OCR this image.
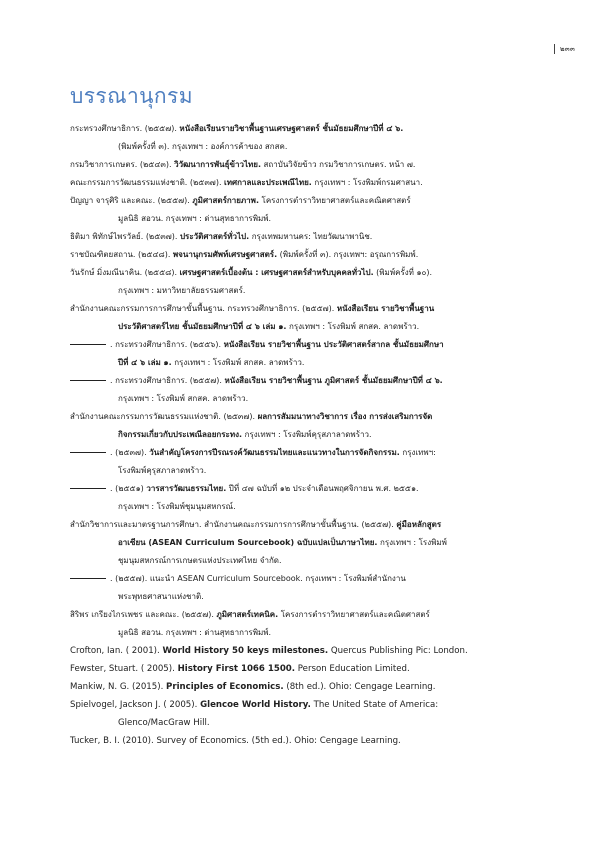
๒๓๓
บรรณานุกรม
กระทรวงศึกษาธิการ. (๒๕๕๗). หนังสือเรียนรายวิชาพื้นฐานเศรษฐศาสตร์ ชั้นมัธยมศึกษาปีที่ ๔ ๖.
(พิมพ์ครั้งที่ ๓). กรุงเทพฯ : องค์การค้าของ สกสค.
กรมวิชาการเกษตร. (๒๕๔๓). วิวัฒนาการพันธุ์ข้าวไทย. สถาบันวิจัยข้าว กรมวิชาการเกษตร. หน้า ๗.
คณะกรรมการวัฒนธรรมแห่งชาติ. (๒๕๓๗). เทศกาลและประเพณีไทย. กรุงเทพฯ : โรงพิมพ์กรมศาสนา.
ปัญญา จารุศิริ และคณะ. (๒๕๕๗). ภูมิศาสตร์กายภาพ. โครงการตำราวิทยาศาสตร์และคณิตศาสตร์
มูลนิธิ สอวน. กรุงเทพฯ : ด่านสุทธาการพิมพ์.
ธิติมา พิทักษ์ไพรวัลย์. (๒๕๓๗). ประวัติศาสตร์ทั่วไป. กรุงเทพมหานคร: ไทยวัฒนาพานิช.
ราชบัณฑิตยสถาน. (๒๕๔๘). พจนานุกรมศัพท์เศรษฐศาสตร์. (พิมพ์ครั้งที่ ๓). กรุงเทพฯ: อรุณการพิมพ์.
วันรักษ์ มิ่งมณีนาคิน. (๒๕๕๘). เศรษฐศาสตร์เบื้องต้น : เศรษฐศาสตร์สำหรับบุคคลทั่วไป. (พิมพ์ครั้งที่ ๑๐).
กรุงเทพฯ : มหาวิทยาลัยธรรมศาสตร์.
สำนักงานคณะกรรมการการศึกษาขั้นพื้นฐาน. กระทรวงศึกษาธิการ. (๒๕๕๗). หนังสือเรียน รายวิชาพื้นฐาน
ประวัติศาสตร์ไทย ชั้นมัธยมศึกษาปีที่ ๔ ๖ เล่ม ๑. กรุงเทพฯ : โรงพิมพ์ สกสค. ลาดพร้าว.
. กระทรวงศึกษาธิการ. (๒๕๕๖). หนังสือเรียน รายวิชาพื้นฐาน ประวัติศาสตร์สากล ชั้นมัธยมศึกษา
ปีที่ ๔ ๖ เล่ม ๑. กรุงเทพฯ : โรงพิมพ์ สกสค. ลาดพร้าว.
. กระทรวงศึกษาธิการ. (๒๕๕๗). หนังสือเรียน รายวิชาพื้นฐาน ภูมิศาสตร์ ชั้นมัธยมศึกษาปีที่ ๔ ๖.
กรุงเทพฯ : โรงพิมพ์ สกสค. ลาดพร้าว.
สำนักงานคณะกรรมการวัฒนธรรมแห่งชาติ. (๒๕๓๗). ผลการสัมมนาทางวิชาการ เรื่อง การส่งเสริมการจัด
กิจกรรมเกี่ยวกับประเพณีลอยกระทง. กรุงเทพฯ : โรงพิมพ์คุรุสภาลาดพร้าว.
. (๒๕๓๗). วันสำคัญโครงการปีรณรงค์วัฒนธรรมไทยและแนวทางในการจัดกิจกรรม. กรุงเทพฯ:
โรงพิมพ์คุรุสภาลาดพร้าว.
. (๒๕๕๑) วารสารวัฒนธรรมไทย. ปีที่ ๔๗ ฉบับที่ ๑๒ ประจำเดือนพฤศจิกายน พ.ศ. ๒๕๕๑.
กรุงเทพฯ : โรงพิมพ์ชุมนุมสหกรณ์.
สำนักวิชาการและมาตรฐานการศึกษา. สำนักงานคณะกรรมการการศึกษาขั้นพื้นฐาน. (๒๕๕๗). คู่มือหลักสูตร
อาเซียน (ASEAN Curriculum Sourcebook) ฉบับแปลเป็นภาษาไทย. กรุงเทพฯ : โรงพิมพ์
ชุมนุมสหกรณ์การเกษตรแห่งประเทศไทย จำกัด.
. (๒๕๕๗). แนะนำ ASEAN Curriculum Sourcebook. กรุงเทพฯ : โรงพิมพ์สำนักงาน
พระพุทธศาสนาแห่งชาติ.
สิริพร เกรียงไกรเพชร และคณะ. (๒๕๕๗). ภูมิศาสตร์เทคนิค. โครงการตำราวิทยาศาสตร์และคณิตศาสตร์
มูลนิธิ สอวน. กรุงเทพฯ : ด่านสุทธาการพิมพ์.
Crofton, Ian. ( 2001). World History 50 keys milestones. Quercus Publishing Pic: London.
Fewster, Stuart. ( 2005). History First 1066 1500. Person Education Limited.
Mankiw, N. G. (2015). Principles of Economics. (8th ed.). Ohio: Cengage Learning.
Spielvogel, Jackson J. ( 2005). Glencoe World History. The United State of America:
Glenco/MacGraw Hill.
Tucker, B. I. (2010). Survey of Economics. (5th ed.). Ohio: Cengage Learning.
